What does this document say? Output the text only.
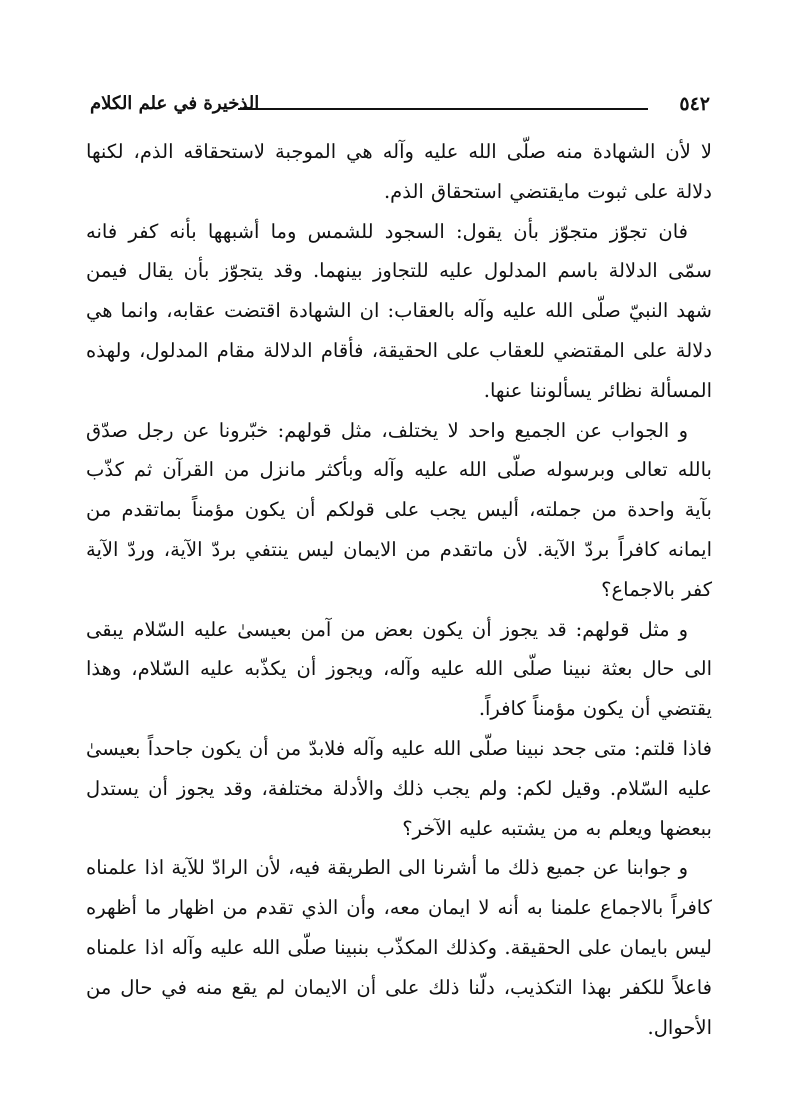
٥٤٢
الذخيرة في علم الكلام

لا لأن الشهادة منه صلّى الله عليه وآله هي الموجبة لاستحقاقه الذم، لكنها دلالة على ثبوت مايقتضي استحقاق الذم.

فان تجوّز متجوّز بأن يقول: السجود للشمس وما أشبهها بأنه كفر فانه سمّى الدلالة باسم المدلول عليه للتجاوز بينهما. وقد يتجوّز بأن يقال فيمن شهد النبيّ صلّى الله عليه وآله بالعقاب: ان الشهادة اقتضت عقابه، وانما هي دلالة على المقتضي للعقاب على الحقيقة، فأقام الدلالة مقام المدلول، ولهذه المسألة نظائر يسألوننا عنها.

و الجواب عن الجميع واحد لا يختلف، مثل قولهم: خبّرونا عن رجل صدّق بالله تعالى وبرسوله صلّى الله عليه وآله وبأكثر مانزل من القرآن ثم كذّب بآية واحدة من جملته، أليس يجب على قولكم أن يكون مؤمناً بماتقدم من ايمانه كافراً بردّ الآية. لأن ماتقدم من الايمان ليس ينتفي بردّ الآية، وردّ الآية كفر بالاجماع؟

و مثل قولهم: قد يجوز أن يكون بعض من آمن بعيسىٰ عليه السّلام يبقى الى حال بعثة نبينا صلّى الله عليه وآله، ويجوز أن يكذّبه عليه السّلام، وهذا يقتضي أن يكون مؤمناً كافراً.

فاذا قلتم: متى جحد نبينا صلّى الله عليه وآله فلابدّ من أن يكون جاحداً بعيسىٰ عليه السّلام. وقيل لكم: ولم يجب ذلك والأدلة مختلفة، وقد يجوز أن يستدل ببعضها ويعلم به من يشتبه عليه الآخر؟

و جوابنا عن جميع ذلك ما أشرنا الى الطريقة فيه، لأن الرادّ للآية اذا علمناه كافراً بالاجماع علمنا به أنه لا ايمان معه، وأن الذي تقدم من اظهار ما أظهره ليس بايمان على الحقيقة. وكذلك المكذّب بنبينا صلّى الله عليه وآله اذا علمناه فاعلاً للكفر بهذا التكذيب، دلّنا ذلك على أن الايمان لم يقع منه في حال من الأحوال.
